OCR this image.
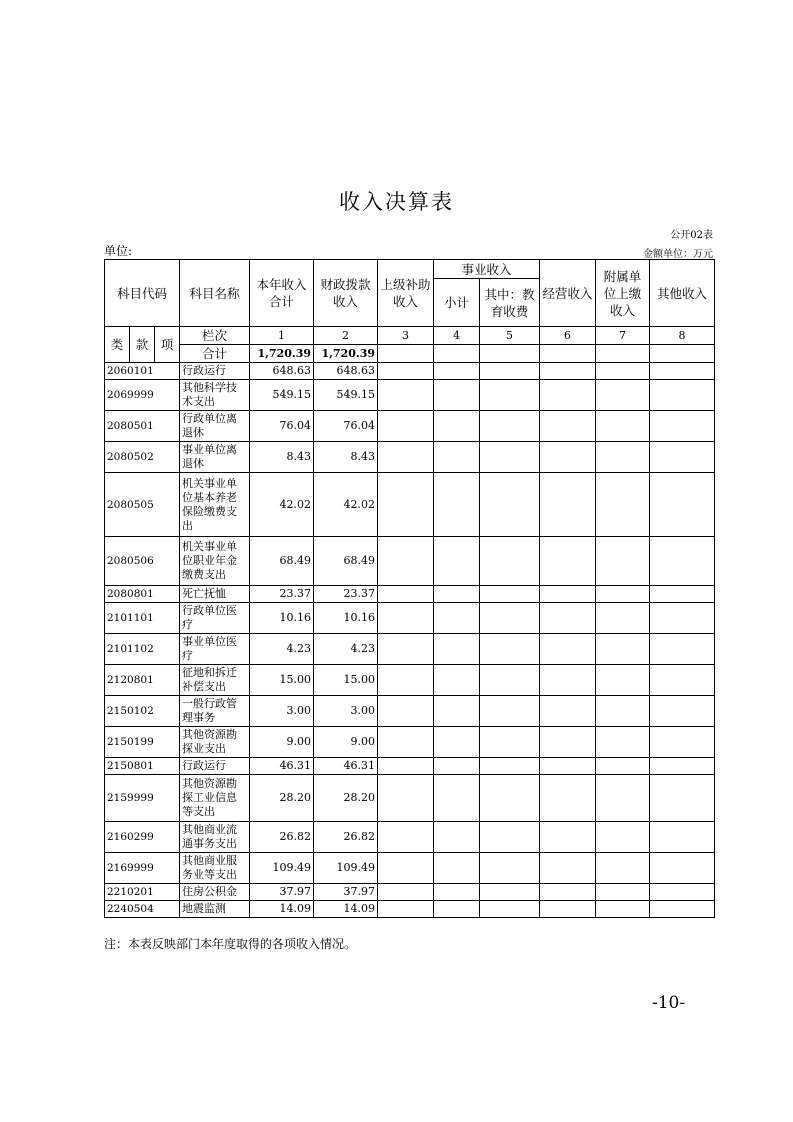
收入决算表
公开02表
单位:	金额单位：万元
科目代码			科目名称	本年收入合计	财政拨款收入	上级补助收入	事业收入		经营收入	附属单位上缴收入	其他收入
							小计	其中：教育收费			
类	款	项	栏次	1	2	3	4	5	6	7	8
			合计	1,720.39	1,720.39						
2060101			行政运行	648.63	648.63						
2069999			其他科学技术支出	549.15	549.15						
2080501			行政单位离退休	76.04	76.04						
2080502			事业单位离退休	8.43	8.43						
2080505			机关事业单位基本养老保险缴费支出	42.02	42.02						
2080506			机关事业单位职业年金缴费支出	68.49	68.49						
2080801			死亡抚恤	23.37	23.37						
2101101			行政单位医疗	10.16	10.16						
2101102			事业单位医疗	4.23	4.23						
2120801			征地和拆迁补偿支出	15.00	15.00						
2150102			一般行政管理事务	3.00	3.00						
2150199			其他资源勘探业支出	9.00	9.00						
2150801			行政运行	46.31	46.31						
2159999			其他资源勘探工业信息等支出	28.20	28.20						
2160299			其他商业流通事务支出	26.82	26.82						
2169999			其他商业服务业等支出	109.49	109.49						
2210201			住房公积金	37.97	37.97						
2240504			地震监测	14.09	14.09						
注：本表反映部门本年度取得的各项收入情况。
-10-
